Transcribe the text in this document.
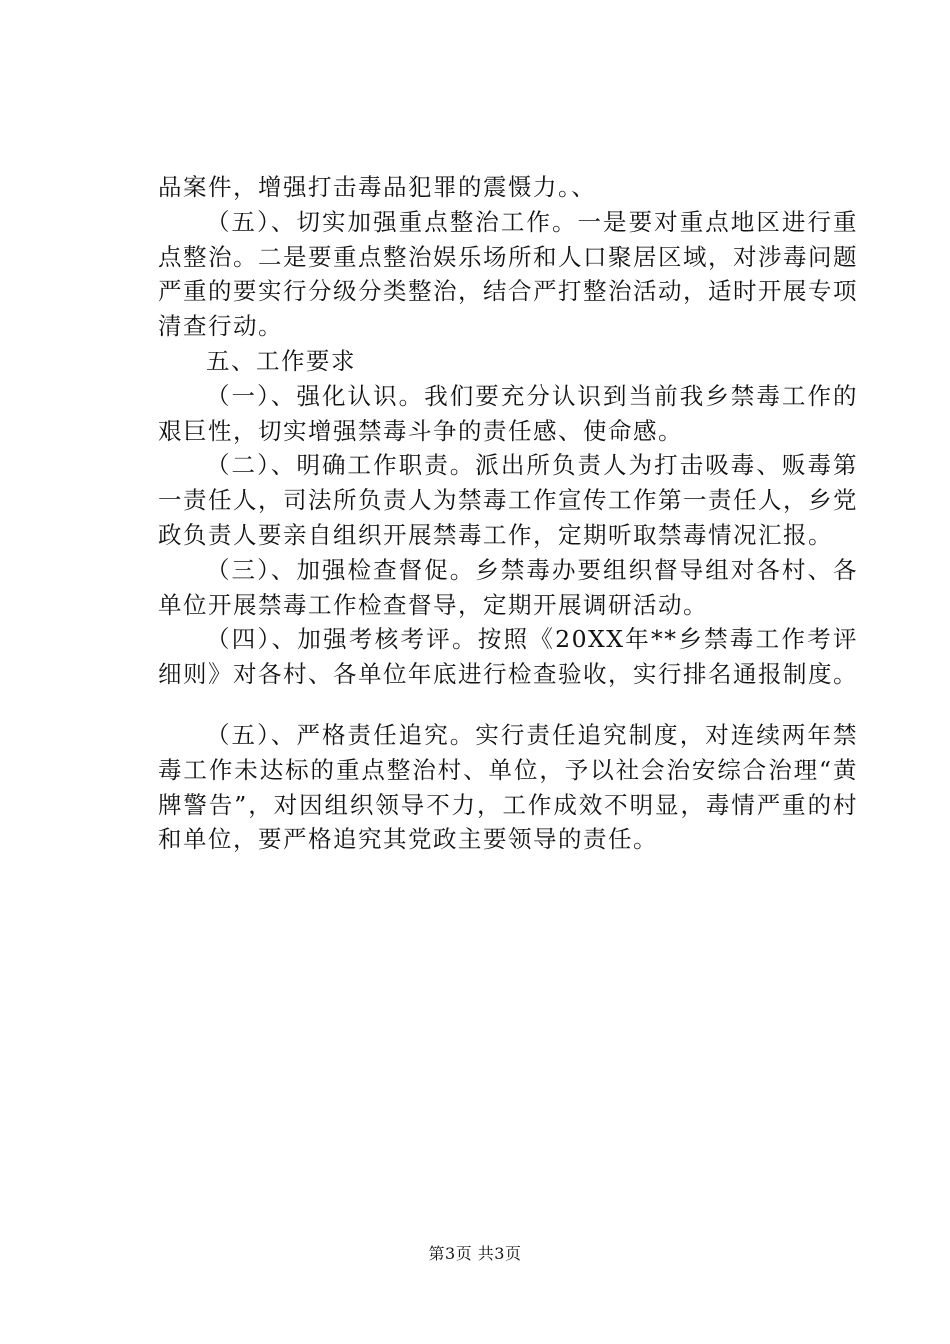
品案件，增强打击毒品犯罪的震慑力。、

（五）、切实加强重点整治工作。一是要对重点地区进行重点整治。二是要重点整治娱乐场所和人口聚居区域，对涉毒问题严重的要实行分级分类整治，结合严打整治活动，适时开展专项清查行动。

五、工作要求

（一）、强化认识。我们要充分认识到当前我乡禁毒工作的艰巨性，切实增强禁毒斗争的责任感、使命感。

（二）、明确工作职责。派出所负责人为打击吸毒、贩毒第一责任人，司法所负责人为禁毒工作宣传工作第一责任人，乡党政负责人要亲自组织开展禁毒工作，定期听取禁毒情况汇报。

（三）、加强检查督促。乡禁毒办要组织督导组对各村、各单位开展禁毒工作检查督导，定期开展调研活动。

（四）、加强考核考评。按照《20XX年**乡禁毒工作考评细则》对各村、各单位年底进行检查验收，实行排名通报制度。

（五）、严格责任追究。实行责任追究制度，对连续两年禁毒工作未达标的重点整治村、单位，予以社会治安综合治理“黄牌警告”，对因组织领导不力，工作成效不明显，毒情严重的村和单位，要严格追究其党政主要领导的责任。

第3页 共3页
